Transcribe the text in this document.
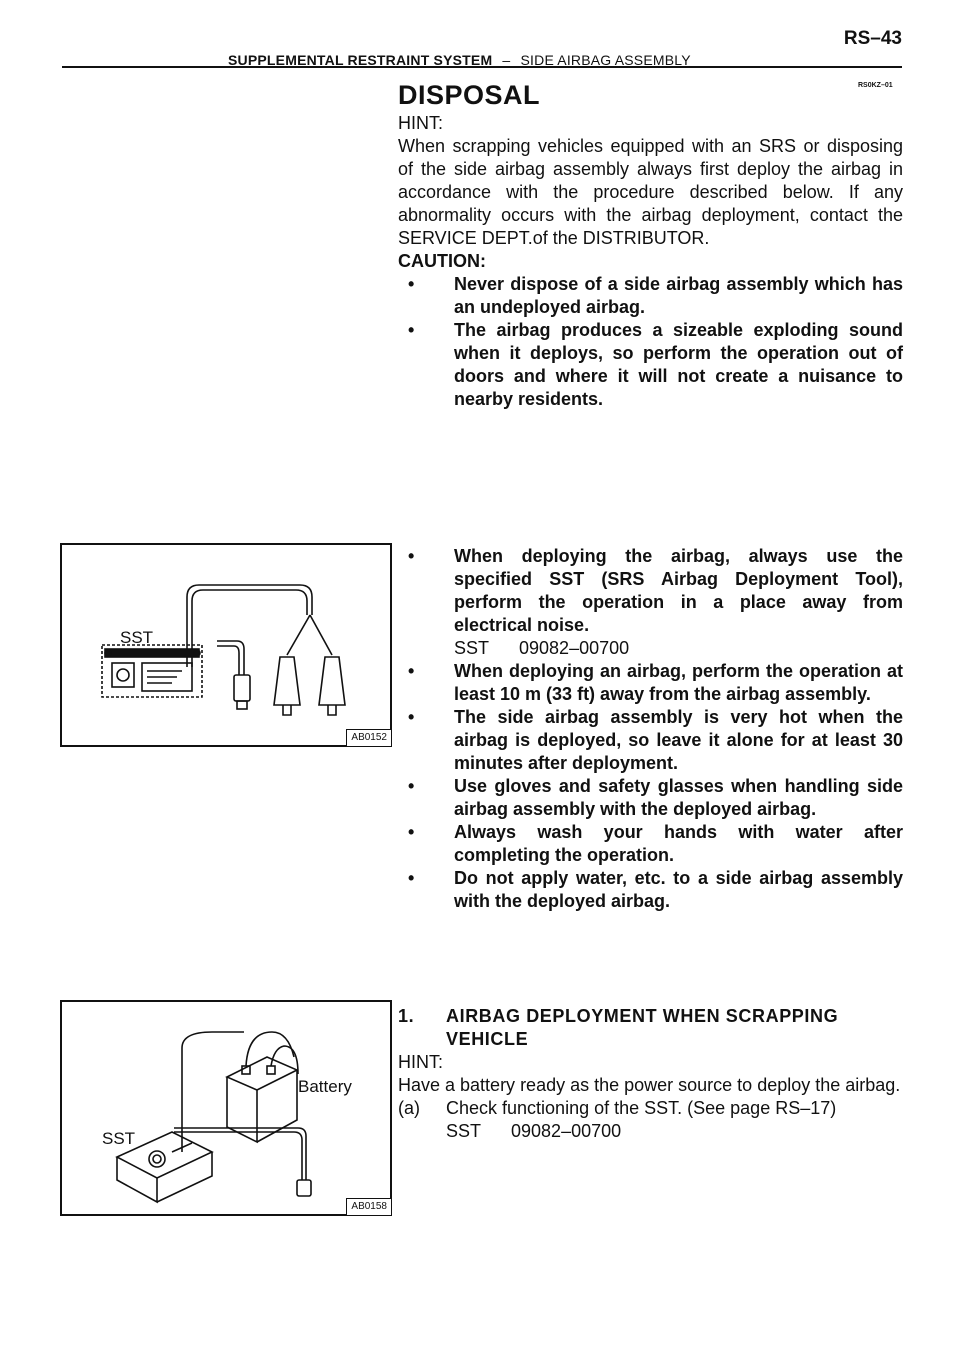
RS–43
SUPPLEMENTAL RESTRAINT SYSTEM – SIDE AIRBAG ASSEMBLY
RS0KZ–01
DISPOSAL
HINT:

When scrapping vehicles equipped with an SRS or disposing of the side airbag assembly always first deploy the airbag in accordance with the procedure described below. If any abnormality occurs with the airbag deployment, contact the SERVICE DEPT.of the DISTRIBUTOR.

CAUTION:
• Never dispose of a side airbag assembly which has an undeployed airbag.
• The airbag produces a sizeable exploding sound when it deploys, so perform the operation out of doors and where it will not create a nuisance to nearby residents.
SST
AB0152
• When deploying the airbag, always use the specified SST (SRS Airbag Deployment Tool), perform the operation in a place away from electrical noise.
SST 09082–00700
• When deploying an airbag, perform the operation at least 10 m (33 ft) away from the airbag assembly.
• The side airbag assembly is very hot when the airbag is deployed, so leave it alone for at least 30 minutes after deployment.
• Use gloves and safety glasses when handling side airbag assembly with the deployed airbag.
• Always wash your hands with water after completing the operation.
• Do not apply water, etc. to a side airbag assembly with the deployed airbag.
Battery
SST
AB0158
1.	AIRBAG DEPLOYMENT WHEN SCRAPPING VEHICLE
HINT:

Have a battery ready as the power source to deploy the airbag.

(a)	Check functioning of the SST. (See page RS–17)
SST 09082–00700
